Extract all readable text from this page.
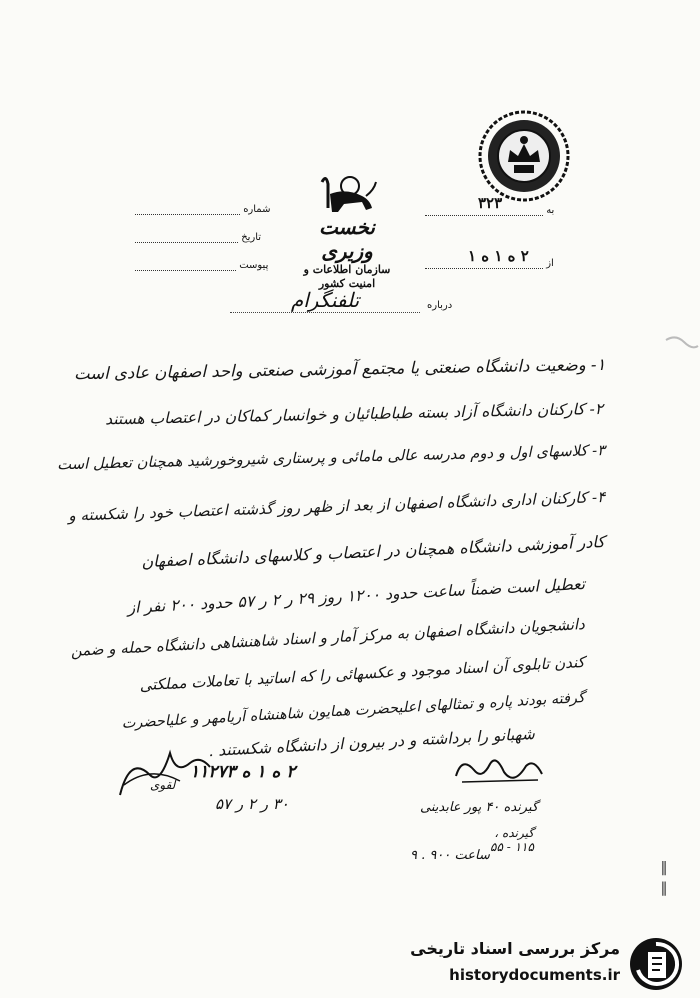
نخست وزیری
سازمان اطلاعات و امنیت کشور
شماره
تاریخ
پیوست
به
۳۲۳
از
۲ ه ۱ ه ۱
درباره
تلفنگرام
۱- وضعیت دانشگاه صنعتی یا مجتمع آموزشی صنعتی واحد اصفهان عادی است
۲- کارکنان دانشگاه آزاد بسته طباطبائیان و خوانسار کماکان در اعتصاب هستند
۳- کلاسهای اول و دوم مدرسه عالی مامائی و پرستاری شیروخورشید همچنان تعطیل است
۴- کارکنان اداری دانشگاه اصفهان از بعد از ظهر روز گذشته اعتصاب خود را شکسته و
کادر آموزشی دانشگاه همچنان در اعتصاب و کلاسهای دانشگاه اصفهان
تعطیل است ضمناً ساعت حدود ۱۲۰۰ روز ۲۹ ر ۲ ر ۵۷ حدود ۲۰۰ نفر از
دانشجویان دانشگاه اصفهان به مرکز آمار و اسناد شاهنشاهی دانشگاه حمله و ضمن
کندن تابلوی آن اسناد موجود و عکسهائی را که اساتید با تعاملات مملکتی
گرفته بودند پاره و تمثالهای اعلیحضرت همایون شاهنشاه آریامهر و علیاحضرت
شهبانو را برداشته و در بیرون از دانشگاه شکستند .
لقوی
۲ ه ۱ ه ۱۱۲۷۳
۳۰ ر ۲ ر ۵۷	گیرنده ۴۰ پور عابدینی
گیرنده ،
۱۱۵ - ۵۵
ساعت ۹۰۰ . ۹
‖ ‖
مرکز بررسی اسناد تاریخی
historydocuments.ir
